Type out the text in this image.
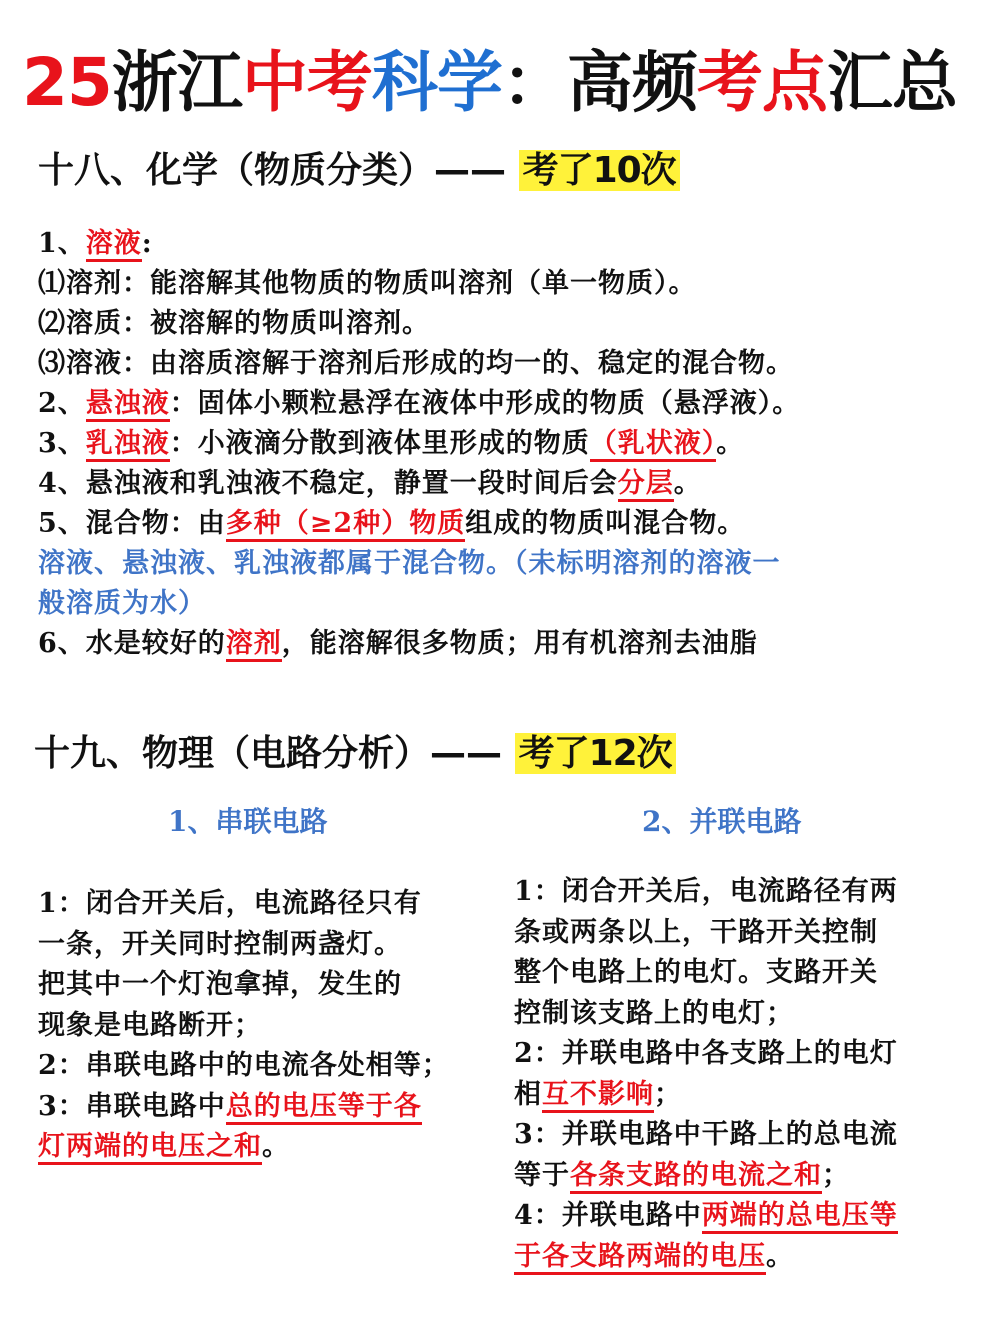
25浙江中考科学：高频考点汇总
十八、化学（物质分类）—— 考了10次
1、溶液:
⑴溶剂：能溶解其他物质的物质叫溶剂（单一物质）。
⑵溶质：被溶解的物质叫溶剂。
⑶溶液：由溶质溶解于溶剂后形成的均一的、稳定的混合物。
2、悬浊液：固体小颗粒悬浮在液体中形成的物质（悬浮液）。
3、乳浊液：小液滴分散到液体里形成的物质（乳状液）。
4、悬浊液和乳浊液不稳定，静置一段时间后会分层。
5、混合物：由多种（≥2种）物质组成的物质叫混合物。
溶液、悬浊液、乳浊液都属于混合物。（未标明溶剂的溶液一
般溶质为水）
6、水是较好的溶剂，能溶解很多物质；用有机溶剂去油脂
十九、物理（电路分析）—— 考了12次
1、串联电路	2、并联电路
1：闭合开关后，电流路径只有
一条，开关同时控制两盏灯。
把其中一个灯泡拿掉，发生的
现象是电路断开；
2：串联电路中的电流各处相等；
3：串联电路中总的电压等于各
灯两端的电压之和。
1：闭合开关后，电流路径有两
条或两条以上，干路开关控制
整个电路上的电灯。支路开关
控制该支路上的电灯；
2：并联电路中各支路上的电灯
相互不影响；
3：并联电路中干路上的总电流
等于各条支路的电流之和；
4：并联电路中两端的总电压等
于各支路两端的电压。
